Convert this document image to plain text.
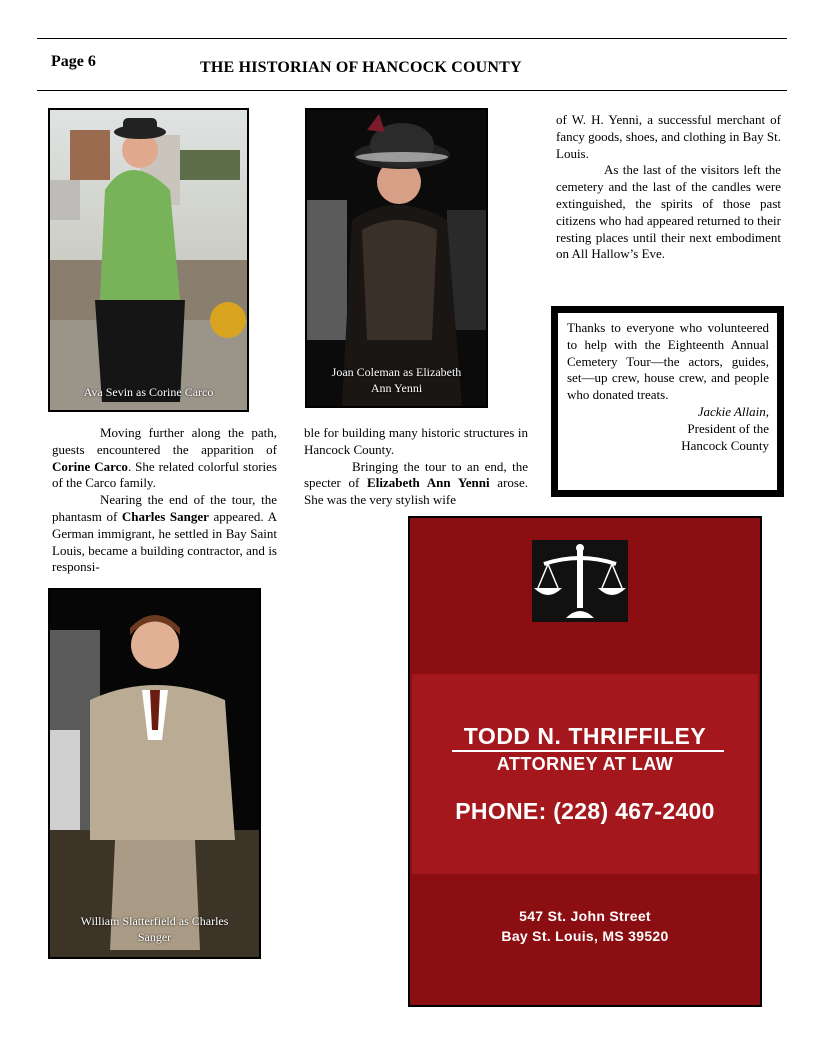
Page 6	THE HISTORIAN OF HANCOCK COUNTY
Ava Sevin as Corine Carco
Joan Coleman as Elizabeth
Ann Yenni
William Slatterfield as Charles
Sanger

Moving further along the path, guests encountered the apparition of Corine Carco. She related colorful stories of the Carco family.

Nearing the end of the tour, the phantasm of Charles Sanger appeared. A German immigrant, he settled in Bay Saint Louis, became a building contractor, and is responsi-

ble for building many historic structures in Hancock County.

Bringing the tour to an end, the specter of Elizabeth Ann Yenni arose. She was the very stylish wife

of W. H. Yenni, a successful merchant of fancy goods, shoes, and clothing in Bay St. Louis.

As the last of the visitors left the cemetery and the last of the candles were extinguished, the spirits of those past citizens who had appeared returned to their resting places until their next embodiment on All Hallow’s Eve.

Thanks to everyone who volunteered to help with the Eighteenth Annual Cemetery Tour—the actors, guides, set—up crew, house crew, and people who donated treats.
Jackie Allain,
President of the
Hancock County
TODD N. THRIFFILEY
ATTORNEY AT LAW
PHONE: (228) 467-2400
547 St. John Street
Bay St. Louis, MS 39520
